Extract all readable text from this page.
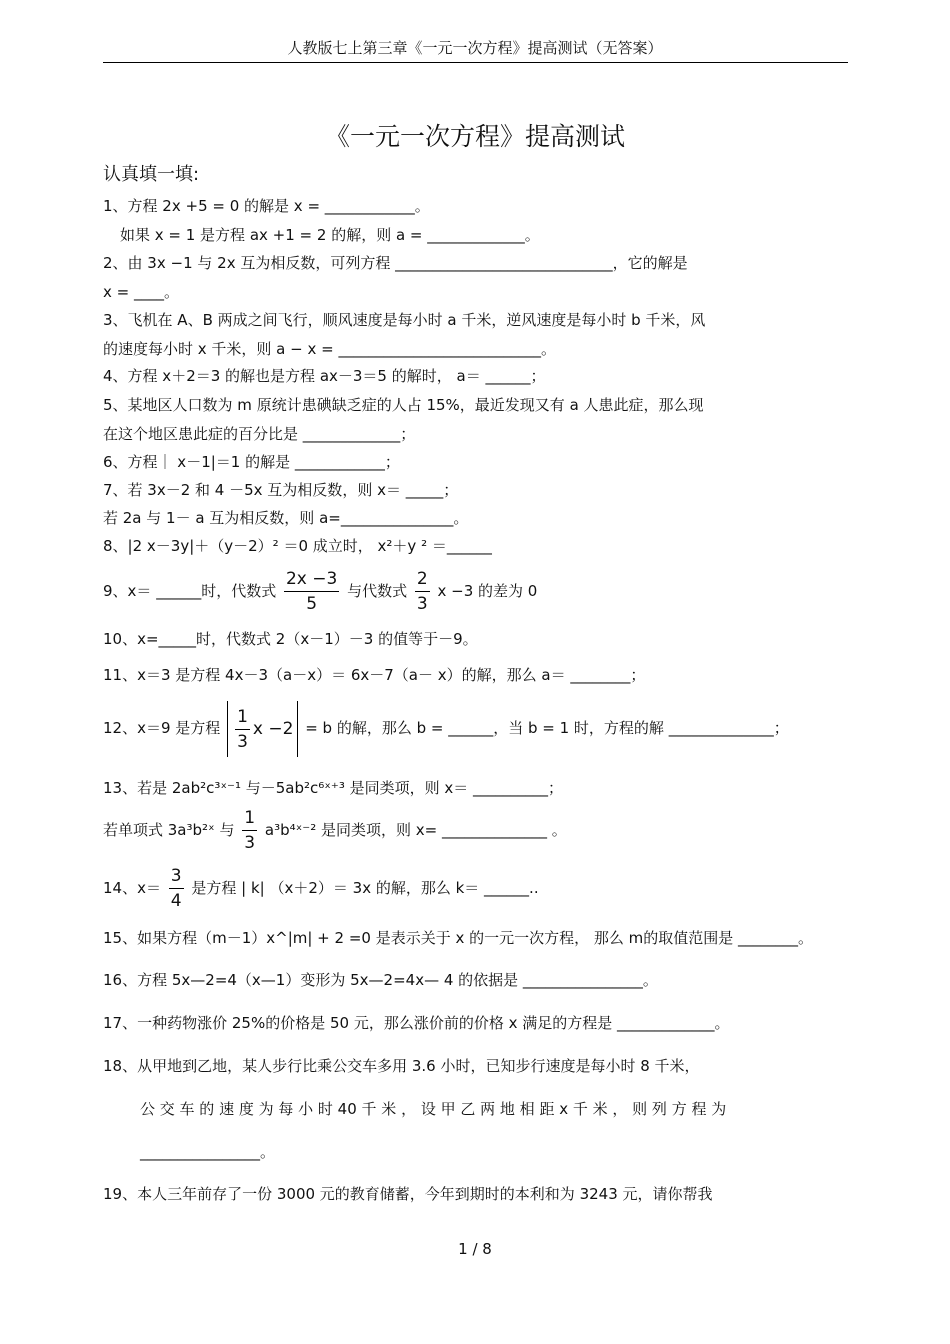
人教版七上第三章《一元一次方程》提高测试（无答案）
《一元一次方程》提高测试
认真填一填:
1、方程 2x +5 = 0 的解是 x = ____________。
如果 x = 1 是方程 ax +1 = 2 的解，则 a = _____________。
2、由 3x −1 与 2x 互为相反数，可列方程 _____________________________，它的解是
x = ____。
3、飞机在 A、B 两成之间飞行，顺风速度是每小时 a 千米，逆风速度是每小时 b 千米，风
的速度每小时 x 千米，则 a − x = ___________________________。
4、方程 x＋2＝3 的解也是方程 ax－3＝5 的解时， a＝ ______；
5、某地区人口数为 m 原统计患碘缺乏症的人占 15%，最近发现又有 a 人患此症，那么现
在这个地区患此症的百分比是 _____________；
6、方程｜ x－1|＝1 的解是 ____________；
7、若 3x－2 和 4 －5x 互为相反数，则 x＝ _____；
若 2a 与 1－ a 互为相反数，则 a=_______________。
8、|2 x－3y|＋（y－2）² ＝0 成立时， x²＋y ² ＝______
9、x＝ ______时，代数式 $\frac{2x -3}{5}$ 与代数式 $\frac{2}{3}$ x −3 的差为 0
10、x=_____时，代数式 2（x－1）－3 的值等于－9。
11、x＝3 是方程 4x－3（a－x）＝ 6x－7（a－ x）的解，那么 a＝ ________；
12、x＝9 是方程 $\frac{1}{3}$ x −2 = b 的解，那么 b = ______，当 b = 1 时，方程的解 ______________；
13、若是 2ab²c³ˣ⁻¹ 与－5ab²c⁶ˣ⁺³ 是同类项，则 x＝ __________；
若单项式 3a³b²ˣ 与 $\frac{1}{3}$ a³b⁴ˣ⁻² 是同类项，则 x= ______________ 。
14、$x= \frac{3}{4}$ 是方程 | k| （x＋2）＝ 3x 的解，那么 k＝ ______..
15、如果方程（m－1）x^|m| + 2 =0 是表示关于 x 的一元一次方程， 那么 m的取值范围是 ________。
16、方程 5x—2=4（x—1）变形为 5x—2=4x— 4 的依据是 ________________。
17、一种药物涨价 25%的价格是 50 元，那么涨价前的价格 x 满足的方程是 _____________。
18、从甲地到乙地，某人步行比乘公交车多用 3.6 小时，已知步行速度是每小时 8 千米，
公 交 车 的 速 度 为 每 小 时 40 千 米 ， 设 甲 乙 两 地 相 距 x 千 米 ， 则 列 方 程 为
________________。
19、本人三年前存了一份 3000 元的教育储蓄，今年到期时的本利和为 3243 元，请你帮我
1 / 8
